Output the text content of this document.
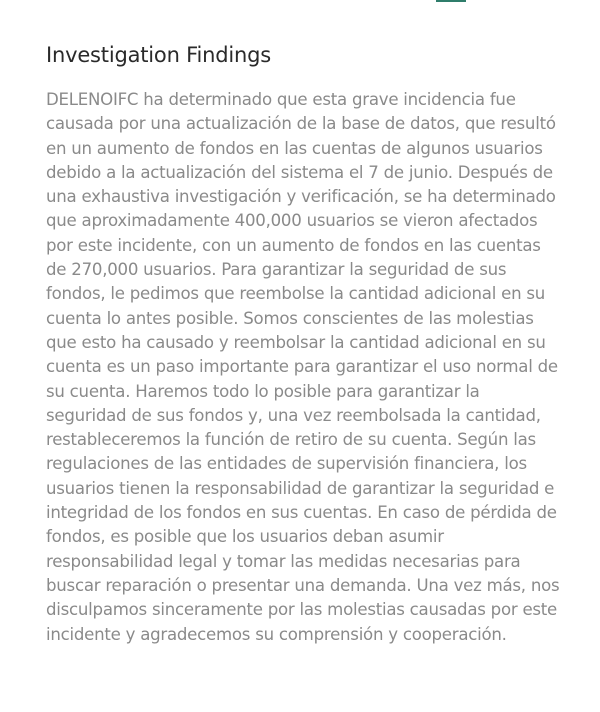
Investigation Findings

DELENOIFC ha determinado que esta grave incidencia fue causada por una actualización de la base de datos, que resultó en un aumento de fondos en las cuentas de algunos usuarios debido a la actualización del sistema el 7 de junio. Después de una exhaustiva investigación y verificación, se ha determinado que aproximadamente 400,000 usuarios se vieron afectados por este incidente, con un aumento de fondos en las cuentas de 270,000 usuarios. Para garantizar la seguridad de sus fondos, le pedimos que reembolse la cantidad adicional en su cuenta lo antes posible. Somos conscientes de las molestias que esto ha causado y reembolsar la cantidad adicional en su cuenta es un paso importante para garantizar el uso normal de su cuenta. Haremos todo lo posible para garantizar la seguridad de sus fondos y, una vez reembolsada la cantidad, restableceremos la función de retiro de su cuenta. Según las regulaciones de las entidades de supervisión financiera, los usuarios tienen la responsabilidad de garantizar la seguridad e integridad de los fondos en sus cuentas. En caso de pérdida de fondos, es posible que los usuarios deban asumir responsabilidad legal y tomar las medidas necesarias para buscar reparación o presentar una demanda. Una vez más, nos disculpamos sinceramente por las molestias causadas por este incidente y agradecemos su comprensión y cooperación.
